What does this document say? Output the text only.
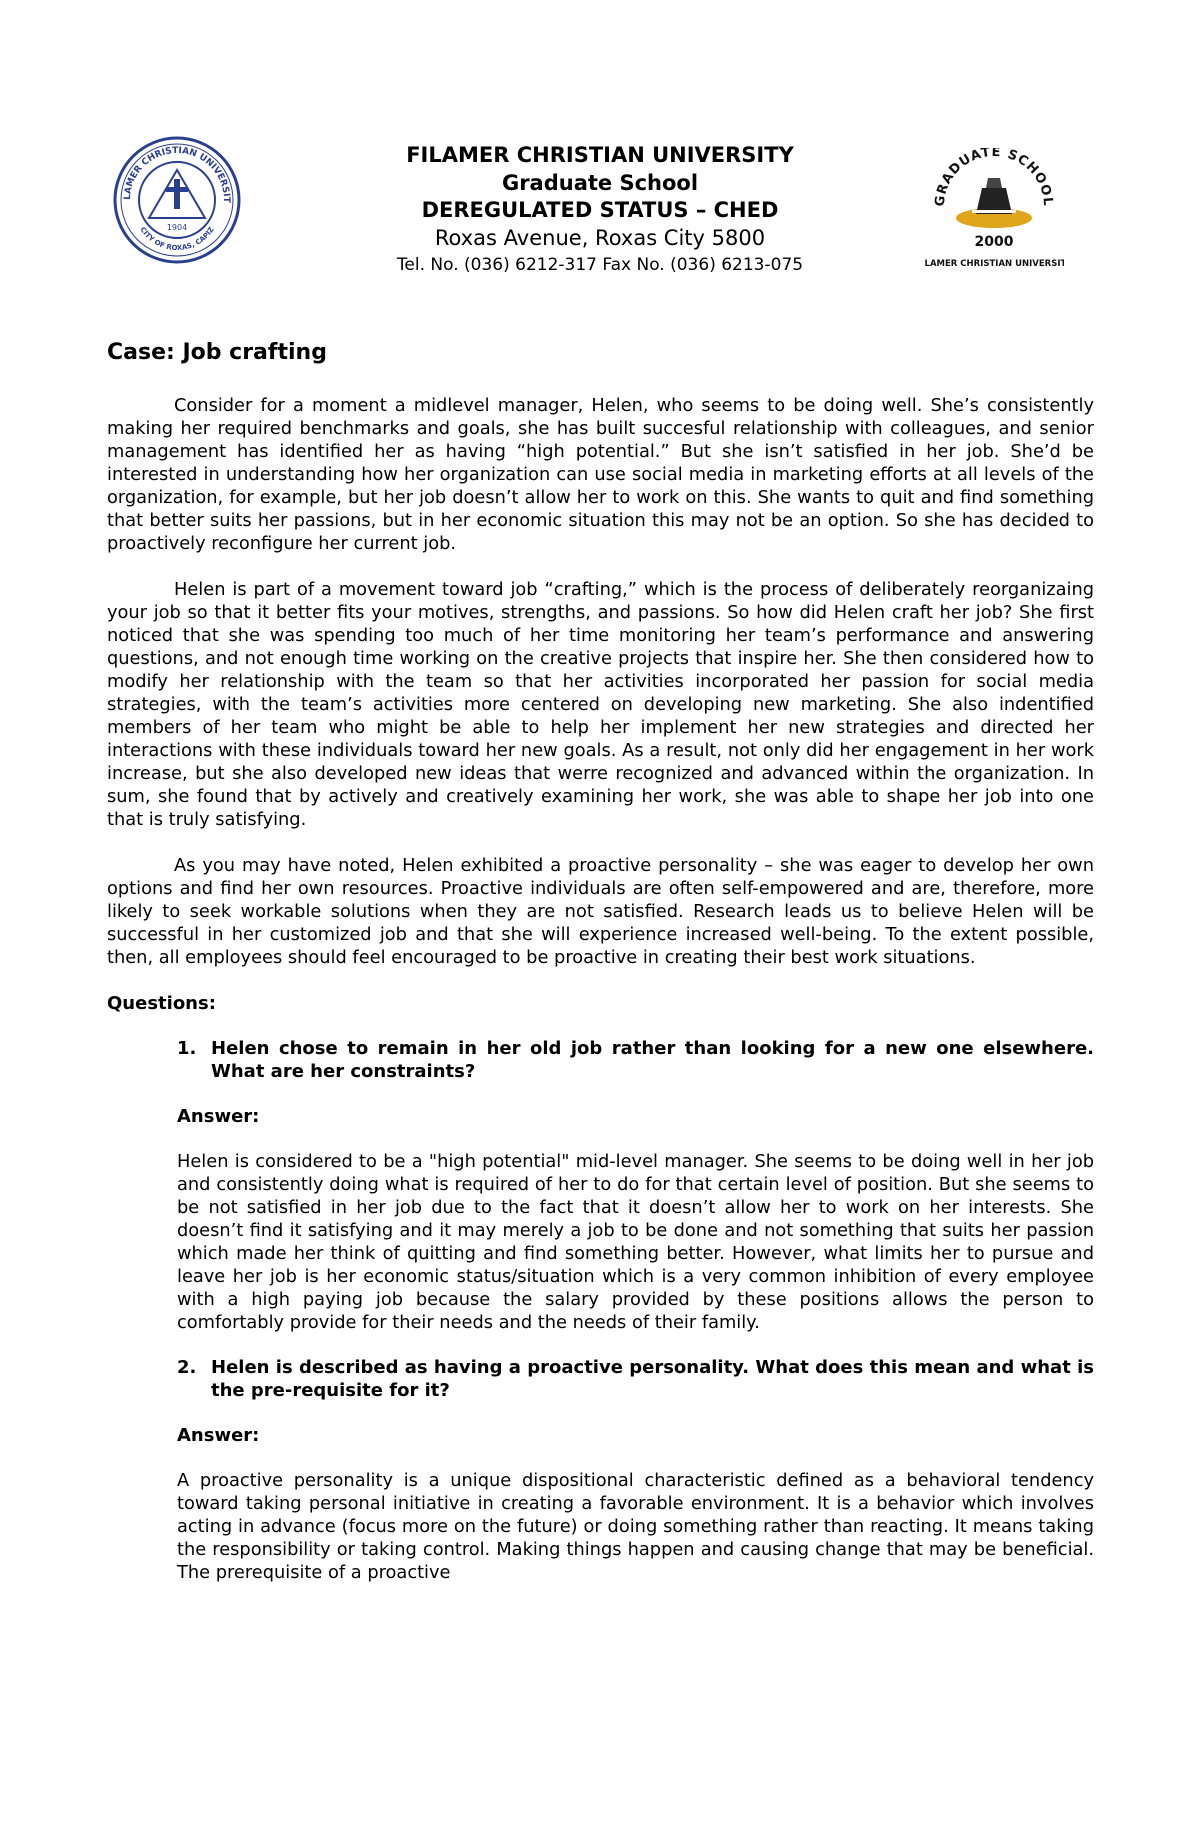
LAMER CHRISTIAN UNIVERSIT
CITY OF ROXAS, CAPIZ
1904
GRADUATE SCHOOL
2000
LAMER CHRISTIAN UNIVERSIT
FILAMER CHRISTIAN UNIVERSITY
Graduate School
DEREGULATED STATUS – CHED
Roxas Avenue, Roxas City 5800
Tel. No. (036) 6212-317 Fax No. (036) 6213-075
Case: Job crafting

Consider for a moment a midlevel manager, Helen, who seems to be doing well. She’s consistently making her required benchmarks and goals, she has built succesful relationship with colleagues, and senior management has identified her as having “high potential.” But she isn’t satisfied in her job. She’d be interested in understanding how her organization can use social media in marketing efforts at all levels of the organization, for example, but her job doesn’t allow her to work on this. She wants to quit and find something that better suits her passions, but in her economic situation this may not be an option. So she has decided to proactively reconfigure her current job.

Helen is part of a movement toward job “crafting,” which is the process of deliberately reorganizaing your job so that it better fits your motives, strengths, and passions. So how did Helen craft her job? She first noticed that she was spending too much of her time monitoring her team’s performance and answering questions, and not enough time working on the creative projects that inspire her. She then considered how to modify her relationship with the team so that her activities incorporated her passion for social media strategies, with the team’s activities more centered on developing new marketing. She also indentified members of her team who might be able to help her implement her new strategies and directed her interactions with these individuals toward her new goals. As a result, not only did her engagement in her work increase, but she also developed new ideas that werre recognized and advanced within the organization. In sum, she found that by actively and creatively examining her work, she was able to shape her job into one that is truly satisfying.

As you may have noted, Helen exhibited a proactive personality – she was eager to develop her own options and find her own resources. Proactive individuals are often self-empowered and are, therefore, more likely to seek workable solutions when they are not satisfied. Research leads us to believe Helen will be successful in her customized job and that she will experience increased well-being. To the extent possible, then, all employees should feel encouraged to be proactive in creating their best work situations.

Questions:
1. Helen chose to remain in her old job rather than looking for a new one elsewhere. What are her constraints?
Answer:
Helen is considered to be a "high potential" mid-level manager. She seems to be doing well in her job and consistently doing what is required of her to do for that certain level of position. But she seems to be not satisfied in her job due to the fact that it doesn’t allow her to work on her interests. She doesn’t find it satisfying and it may merely a job to be done and not something that suits her passion which made her think of quitting and find something better. However, what limits her to pursue and leave her job is her economic status/situation which is a very common inhibition of every employee with a high paying job because the salary provided by these positions allows the person to comfortably provide for their needs and the needs of their family.
2. Helen is described as having a proactive personality. What does this mean and what is the pre-requisite for it?
Answer:
A proactive personality is a unique dispositional characteristic defined as a behavioral tendency toward taking personal initiative in creating a favorable environment. It is a behavior which involves acting in advance (focus more on the future) or doing something rather than reacting. It means taking the responsibility or taking control. Making things happen and causing change that may be beneficial. The prerequisite of a proactive
